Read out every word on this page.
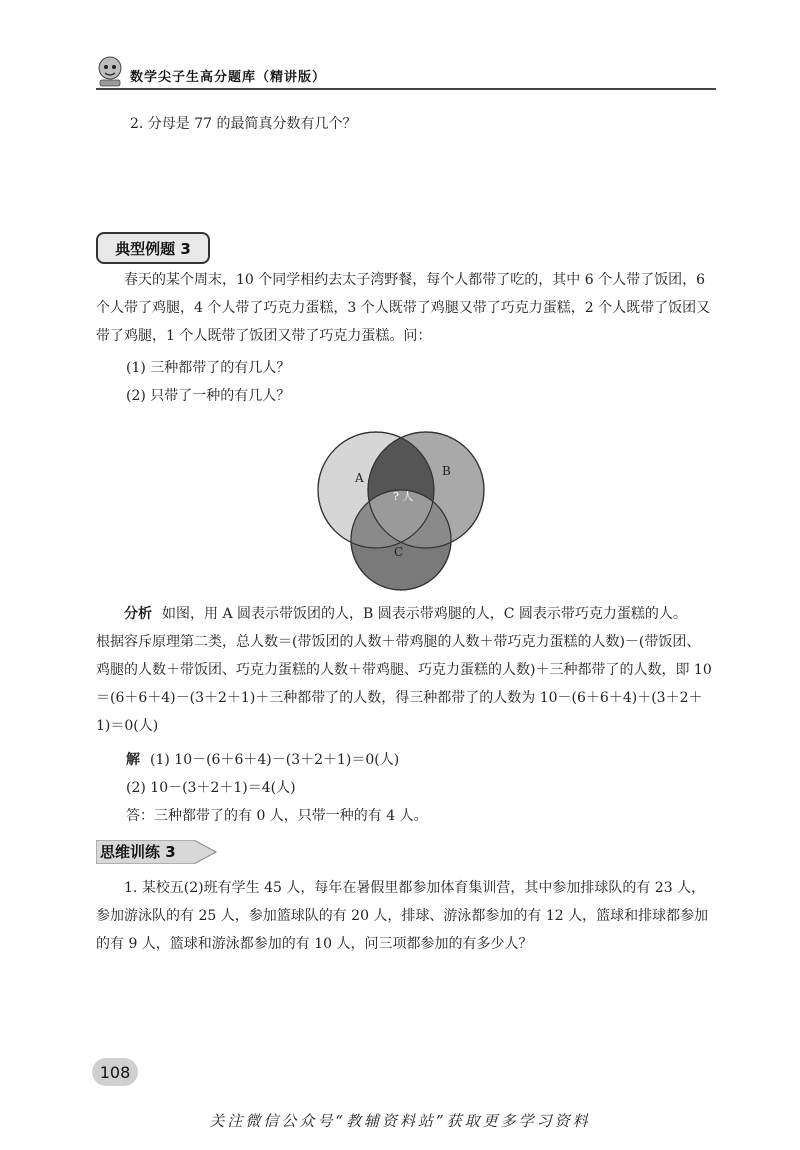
数学尖子生高分题库（精讲版）
2. 分母是 77 的最简真分数有几个？
典型例题 3

春天的某个周末，10 个同学相约去太子湾野餐，每个人都带了吃的，其中 6 个人带了饭团，6 个人带了鸡腿，4 个人带了巧克力蛋糕，3 个人既带了鸡腿又带了巧克力蛋糕，2 个人既带了饭团又带了鸡腿，1 个人既带了饭团又带了巧克力蛋糕。问：

(1) 三种都带了的有几人？
(2) 只带了一种的有几人？
A	B
C
? 人

分析 如图，用 A 圆表示带饭团的人，B 圆表示带鸡腿的人，C 圆表示带巧克力蛋糕的人。

根据容斥原理第二类，总人数＝(带饭团的人数＋带鸡腿的人数＋带巧克力蛋糕的人数)－(带饭团、鸡腿的人数＋带饭团、巧克力蛋糕的人数＋带鸡腿、巧克力蛋糕的人数)＋三种都带了的人数，即 10＝(6＋6＋4)－(3＋2＋1)＋三种都带了的人数，得三种都带了的人数为 10－(6＋6＋4)＋(3＋2＋1)＝0(人)

解 (1) 10－(6＋6＋4)－(3＋2＋1)＝0(人)
(2) 10－(3＋2＋1)＝4(人)
答：三种都带了的有 0 人，只带一种的有 4 人。
思维训练 3

1. 某校五(2)班有学生 45 人，每年在暑假里都参加体育集训营，其中参加排球队的有 23 人，参加游泳队的有 25 人，参加篮球队的有 20 人，排球、游泳都参加的有 12 人，篮球和排球都参加的有 9 人，篮球和游泳都参加的有 10 人，问三项都参加的有多少人？

108
关注微信公众号“教辅资料站”获取更多学习资料
